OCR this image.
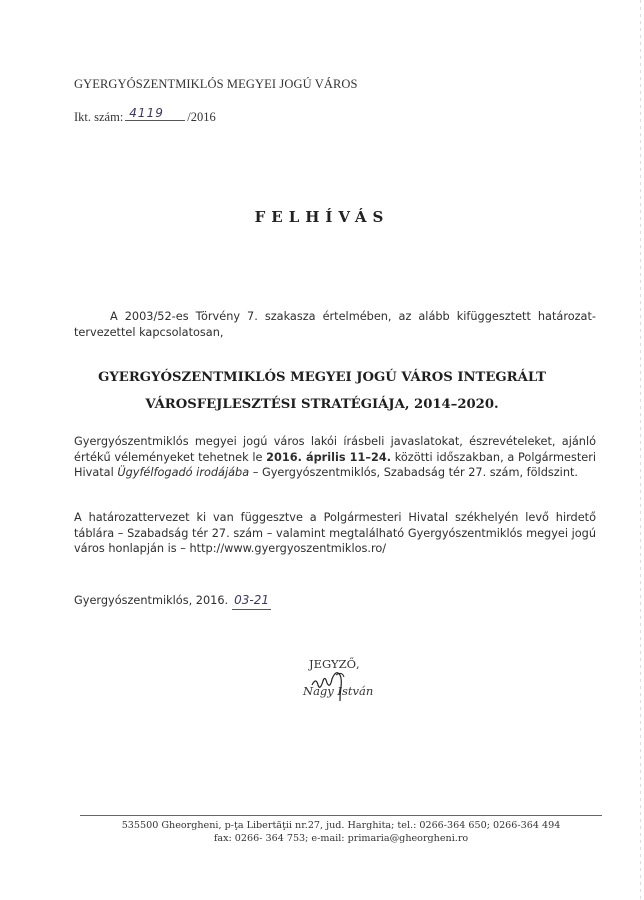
GYERGYÓSZENTMIKLÓS MEGYEI JOGÚ VÁROS
Ikt. szám: 4119 /2016
FELHÍVÁS
A 2003/52-es Törvény 7. szakasza értelmében, az alább kifüggesztett határozat-tervezettel kapcsolatosan,
GYERGYÓSZENTMIKLÓS MEGYEI JOGÚ VÁROS INTEGRÁLT
VÁROSFEJLESZTÉSI STRATÉGIÁJA, 2014–2020.
Gyergyószentmiklós megyei jogú város lakói írásbeli javaslatokat, észrevételeket, ajánló értékű véleményeket tehetnek le 2016. április 11–24. közötti időszakban, a Polgármesteri Hivatal Ügyfélfogadó irodájába – Gyergyószentmiklós, Szabadság tér 27. szám, földszint.
A határozattervezet ki van függesztve a Polgármesteri Hivatal székhelyén levő hirdető táblára – Szabadság tér 27. szám – valamint megtalálható Gyergyószentmiklós megyei jogú város honlapján is – http://www.gyergyoszentmiklos.ro/
Gyergyószentmiklós, 2016. 03-21
JEGYZŐ,
Nagy István
535500 Gheorgheni, p-ţa Libertăţii nr.27, jud. Harghita; tel.: 0266-364 650; 0266-364 494
fax: 0266- 364 753; e-mail: primaria@gheorgheni.ro
